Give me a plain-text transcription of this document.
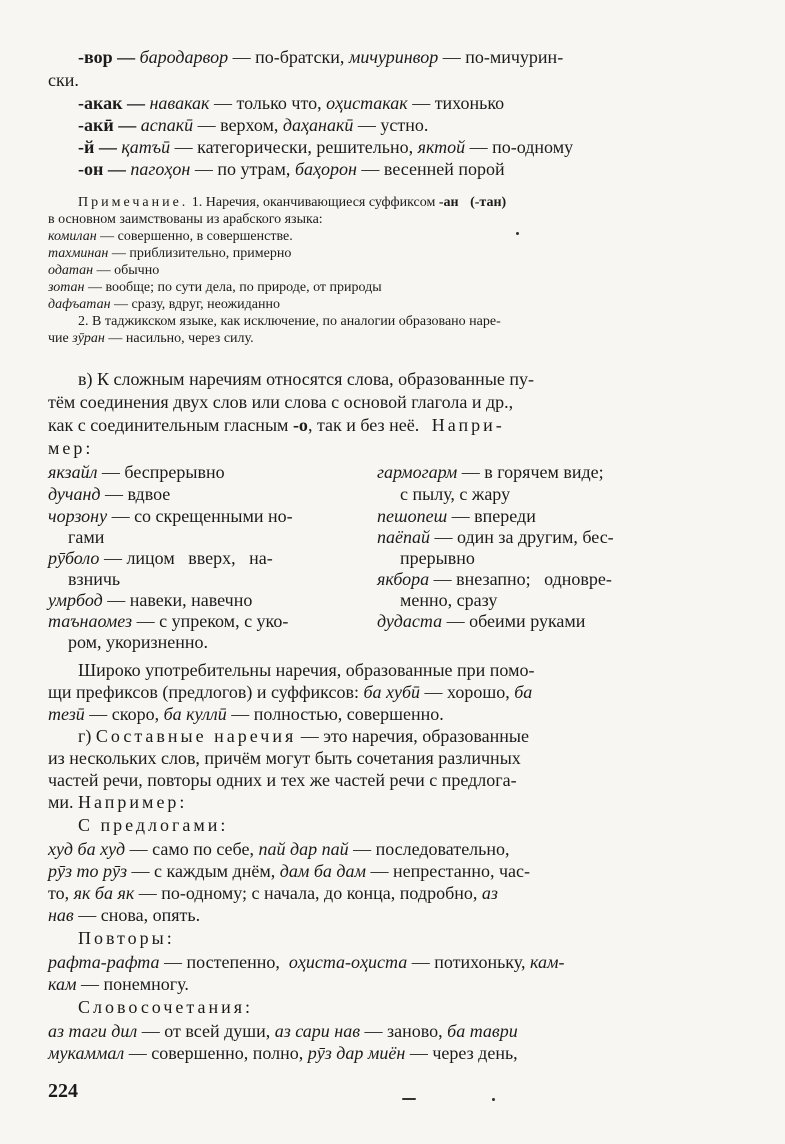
-вор — бародарвор — по-братски, мичуринвор — по-мичурин-
ски.
-акак — навакак — только что, оҳистакак — тихонько
-акӣ — аспакӣ — верхом, даҳанакӣ — устно.
-й — қатъӣ — категорически, решительно, яктой — по-одному
-он — пагоҳон — по утрам, баҳорон — весенней порой
Примечание. 1. Наречия, оканчивающиеся суффиксом -ан (-тан)
в основном заимствованы из арабского языка:
комилан — совершенно, в совершенстве.
тахминан — приблизительно, примерно
одатан — обычно
зотан — вообще; по сути дела, по природе, от природы
дафъатан — сразу, вдруг, неожиданно
2. В таджикском языке, как исключение, по аналогии образовано наре-
чие зӯран — насильно, через силу.
в) К сложным наречиям относятся слова, образованные пу-
тём соединения двух слов или слова с основой глагола и др.,
как с соединительным гласным -о, так и без неё. Напри-
мер:
якзайл — беспрерывно
дучанд — вдвое
чорзону — со скрещенными но-
гами
рӯболо — лицом   вверх,   на-
взничь
умрбод — навеки, навечно
таънаомез — с упреком, с уко-
ром, укоризненно.
гармогарм — в горячем виде;
с пылу, с жару
пешопеш — впереди
паёпай — один за другим, бес-
прерывно
якбора — внезапно;   одновре-
менно, сразу
дудаста — обеими руками
Широко употребительны наречия, образованные при помо-
щи префиксов (предлогов) и суффиксов: ба хубӣ — хорошо, ба
тезӣ — скоро, ба куллӣ — полностью, совершенно.
г) Составные наречия — это наречия, образованные
из нескольких слов, причём могут быть сочетания различных
частей речи, повторы одних и тех же частей речи с предлога-
ми. Например:
С предлогами:
худ ба худ — само по себе, пай дар пай — последовательно,
рӯз то рӯз — с каждым днём, дам ба дам — непрестанно, час-
то, як ба як — по-одному; с начала, до конца, подробно, аз
нав — снова, опять.
Повторы:
рафта-рафта — постепенно,  оҳиста-оҳиста — потихоньку, кам-
кам — понемногу.
Словосочетания:
аз таги дил — от всей души, аз сари нав — заново, ба таври
мукаммал — совершенно, полно, рӯз дар миён — через день,
224
